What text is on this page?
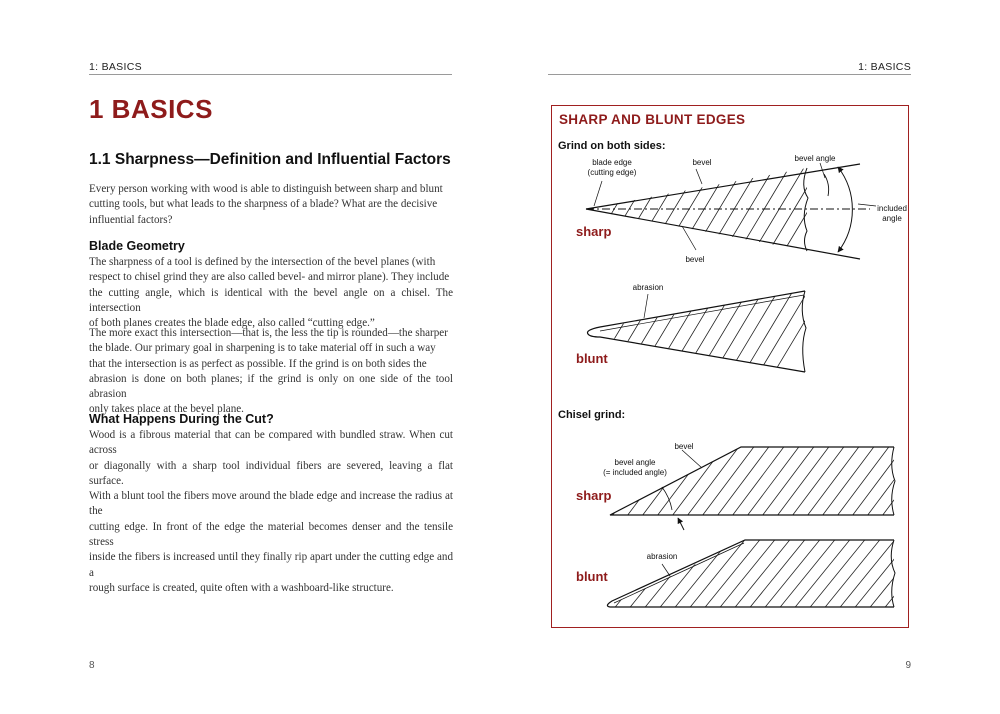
1: BASICS
1 BASICS
1.1 Sharpness—Definition and Influential Factors
Every person working with wood is able to distinguish between sharp and blunt
cutting tools, but what leads to the sharpness of a blade? What are the decisive
influential factors?
Blade Geometry
The sharpness of a tool is defined by the intersection of the bevel planes (with
respect to chisel grind they are also called bevel- and mirror plane). They include
the cutting angle, which is identical with the bevel angle on a chisel. The intersection
of both planes creates the blade edge, also called “cutting edge.”
The more exact this intersection—that is, the less the tip is rounded—the sharper
the blade. Our primary goal in sharpening is to take material off in such a way
that the intersection is as perfect as possible. If the grind is on both sides the
abrasion is done on both planes; if the grind is only on one side of the tool abrasion
only takes place at the bevel plane.
What Happens During the Cut?
Wood is a fibrous material that can be compared with bundled straw. When cut across
or diagonally with a sharp tool individual fibers are severed, leaving a flat surface.
With a blunt tool the fibers move around the blade edge and increase the radius at the
cutting edge. In front of the edge the material becomes denser and the tensile stress
inside the fibers is increased until they finally rip apart under the cutting edge and a
rough surface is created, quite often with a washboard-like structure.
8
1: BASICS
9
SHARP AND BLUNT EDGES
Grind on both sides:
Chisel grind:
blade edge
(cutting edge)
bevel	bevel angle
included
angle
bevel
sharp
abrasion
blunt
bevel
bevel angle
(= included angle)
sharp
abrasion
blunt
